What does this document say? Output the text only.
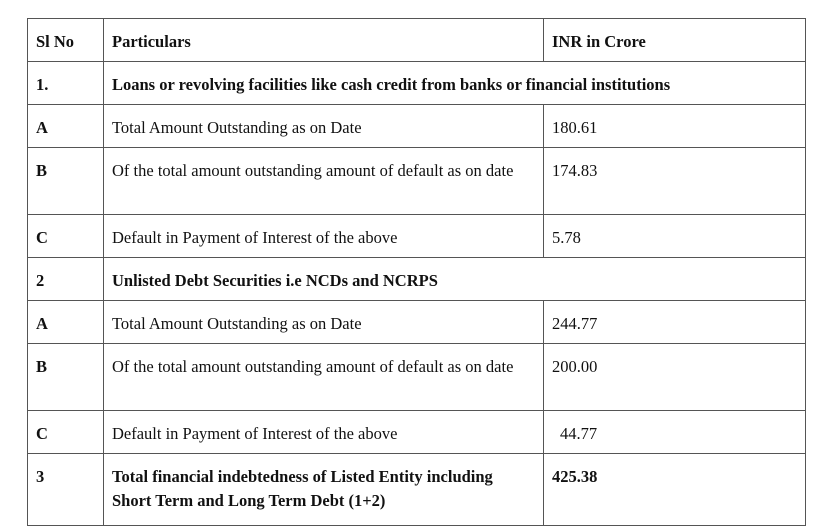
Sl No	Particulars	INR in Crore
1.	Loans or revolving facilities like cash credit from banks or financial institutions	
A	Total Amount Outstanding as on Date	180.61
B	Of the total amount outstanding amount of default as on date	174.83
C	Default in Payment of Interest of the above	5.78
2	Unlisted Debt Securities i.e NCDs and NCRPS	
A	Total Amount Outstanding as on Date	244.77
B	Of the total amount outstanding amount of default as on date	200.00
C	Default in Payment of Interest of the above	44.77
3	Total financial indebtedness of Listed Entity including Short Term and Long Term Debt (1+2)	425.38
